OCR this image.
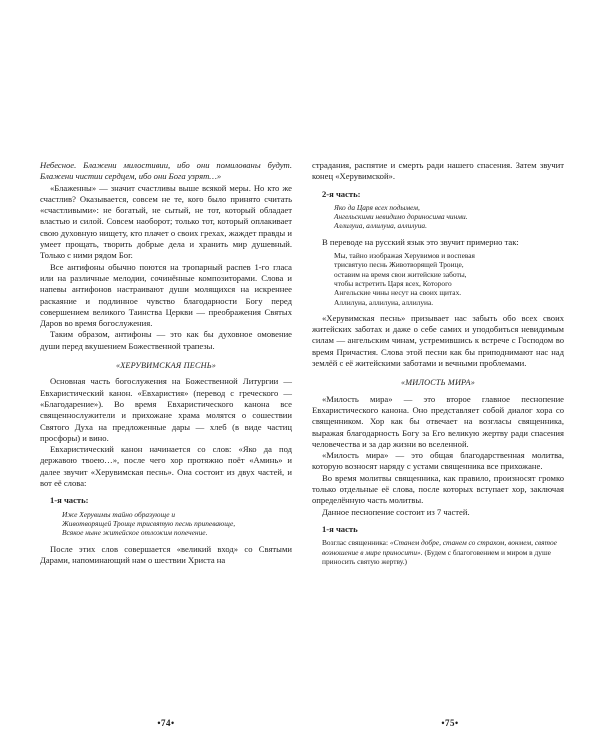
Небесное. Блажени милостивии, ибо они помилованы будут. Блажени чистии сердцем, ибо они Бога узрят…»

«Блаженны» — значит счастливы выше всякой меры. Но кто же счастлив? Оказывается, совсем не те, кого было принято считать «счастливыми»: не богатый, не сытый, не тот, который обладает властью и силой. Совсем наоборот; только тот, который оплакивает свою духовную нищету, кто плачет о своих грехах, жаждет правды и умеет прощать, творить добрые дела и хранить мир душевный. Только с ними рядом Бог.

Все антифоны обычно поются на тропарный распев 1-го гласа или на различные мелодии, сочинённые композиторами. Слова и напевы антифонов настраивают души молящихся на искреннее раскаяние и подлинное чувство благодарности Богу перед совершением великого Таинства Церкви — преображения Святых Даров во время богослужения.

Таким образом, антифоны — это как бы духовное омовение души перед вкушением Божественной трапезы.

«ХЕРУВИМСКАЯ ПЕСНЬ»

Основная часть богослужения на Божественной Литургии — Евхаристический канон. «Евхаристия» (перевод с греческого — «Благодарение»). Во время Евхаристического канона все священнослужители и прихожане храма молятся о сошествии Святого Духа на предложенные дары — хлеб (в виде частиц просфоры) и вино.

Евхаристический канон начинается со слов: «Яко да под державою твоею…», после чего хор протяжно поёт «Аминь» и далее звучит «Херувимская песнь». Она состоит из двух частей, и вот её слова:

1-я часть:
Иже Херувимы тайно образующе и
Животворящей Троице трисвятую песнь припевающе,
Всякое ныне житейское отложим попечение.

После этих слов совершается «великий вход» со Святыми Дарами, напоминающий нам о шествии Христа на

•74•

страдания, распятие и смерть ради нашего спасения. Затем звучит конец «Херувимской».

2-я часть:
Яко да Царя всех подымем,
Ангельскими невидимо дориносима чинми.
Аллилуиа, аллилуиа, аллилуиа.

В переводе на русский язык это звучит примерно так:

Мы, тайно изображая Херувимов и воспевая
трисвятую песнь Животворящей Троице,
оставим на время свои житейские заботы,
чтобы встретить Царя всех, Которого
Ангельские чины несут на своих щитах.
Аллилуиа, аллилуиа, аллилуиа.

«Херувимская песнь» призывает нас забыть обо всех своих житейских заботах и даже о себе самих и уподобиться невидимым силам — ангельским чинам, устремившись к встрече с Господом во время Причастия. Слова этой песни как бы приподнимают нас над землёй с её житейскими заботами и вечными проблемами.

«МИЛОСТЬ МИРА»

«Милость мира» — это второе главное песнопение Евхаристического канона. Оно представляет собой диалог хора со священником. Хор как бы отвечает на возгласы священника, выражая благодарность Богу за Его великую жертву ради спасения человечества и за дар жизни во вселенной.

«Милость мира» — это общая благодарственная молитва, которую возносят наряду с устами священника все прихожане.

Во время молитвы священника, как правило, произносят громко только отдельные её слова, после которых вступает хор, заключая определённую часть молитвы.

Данное песнопение состоит из 7 частей.

1-я часть
Возглас священника: «Станем добре, станем со страхом, вонмем, святое возношение в мире приносити». (Будем с благоговением и миром в душе приносить святую жертву.)
•75•
